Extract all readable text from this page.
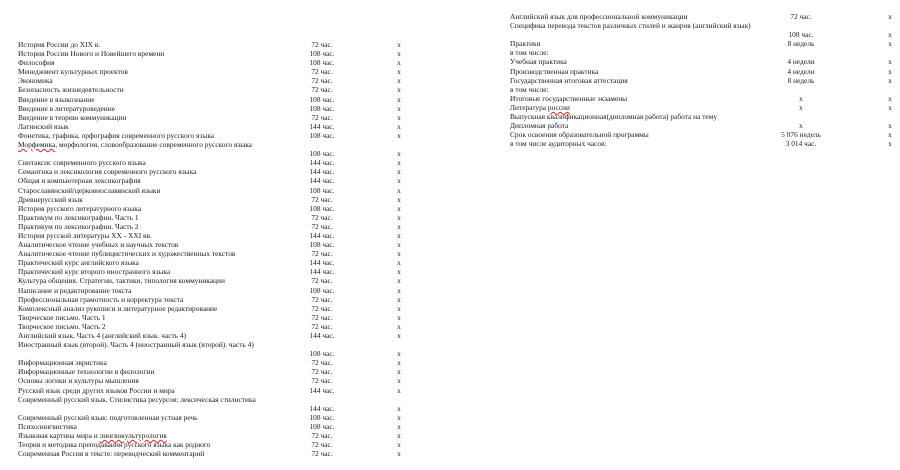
История России до XIX в.	72 час.	x
История России Нового и Новейшего времени	108 час.	x
Философия	108 час.	x
Менеджмент культурных проектов	72 час.	x
Экономика	72 час.	x
Безопасность жизнедеятельности	72 час.	x
Введение в языкознание	108 час.	x
Введение в литературоведение	108 час.	x
Введение в теорию коммуникации	72 час.	x
Латинский язык	144 час.	x
Фонетика, графика, орфография современного русского языка	108 час.	x
Морфемика, морфология, словообразование современного русского языка
108 час.	x
Синтаксис современного русского языка	144 час.	x
Семантика и лексикология современного русского языка	144 час.	x
Общая и компьютерная лексикография	144 час.	x
Старославянский/церковнославянский языки	108 час.	x
Древнерусский язык	72 час.	x
История русского литературного языка	108 час.	x
Практикум по лексикографии. Часть 1	72 час.	x
Практикум по лексикографии. Часть 2	72 час.	x
История русской литературы XX - XXI вв.	144 час.	x
Аналитическое чтение учебных и научных текстов	108 час.	x
Аналитическое чтение публицистических и художественных текстов	72 час.	x
Практический курс английского языка	144 час.	x
Практический курс второго иностранного языка	144 час.	x
Культура общения. Стратегии, тактики, типология коммуникации	72 час.	x
Написание и редактирование текста	108 час.	x
Профессиональная грамотность и корректура текста	72 час.	x
Комплексный анализ рукописи и литературное редактирование	72 час.	x
Творческое письмо. Часть 1	72 час.	x
Творческое письмо. Часть 2	72 час.	x
Английский язык. Часть 4 (английский язык. часть 4)	144 час.	x
Иностранный язык (второй). Часть 4 (иностранный язык (второй). часть 4)
108 час.	x
Информационная эвристика	72 час.	x
Информационные технологии в филологии	72 час.	x
Основы логики и культуры мышления	72 час.	x
Русский язык среди других языков России и мира	144 час.	x
Современный русский язык. Стилистика ресурсов: лексическая стилистика
144 час.	x
Современный русский язык: подготовленная устная речь	108 час.	x
Психолингвистика	108 час.	x
Языковая картина мира и лингвокультурология	72 час.	x
Теория и методика преподавания русского языка как родного	72 час.	x
Современная Россия в тексте: переводческий комментарий	72 час.	x
Английский язык для профессиональной коммуникации	72 час.	x
Специфика перевода текстов различных стилей и жанров (английский язык)
108 час.	x
Практики	8 недель	x
в том числе:
Учебная практика	4 недели	x
Производственная практика	4 недели	x
Государственная итоговая аттестация	8 недель	x
в том числе:
Итоговые государственные экзамены	x	x
Литература россии	x	x
Выпускная квалификационная(дипломная работа) работа на тему
Дипломная работа	x	x
Срок освоения образовательной программы	5 076 недель	x
в том числе аудиторных часов:	3 014 час.	x
